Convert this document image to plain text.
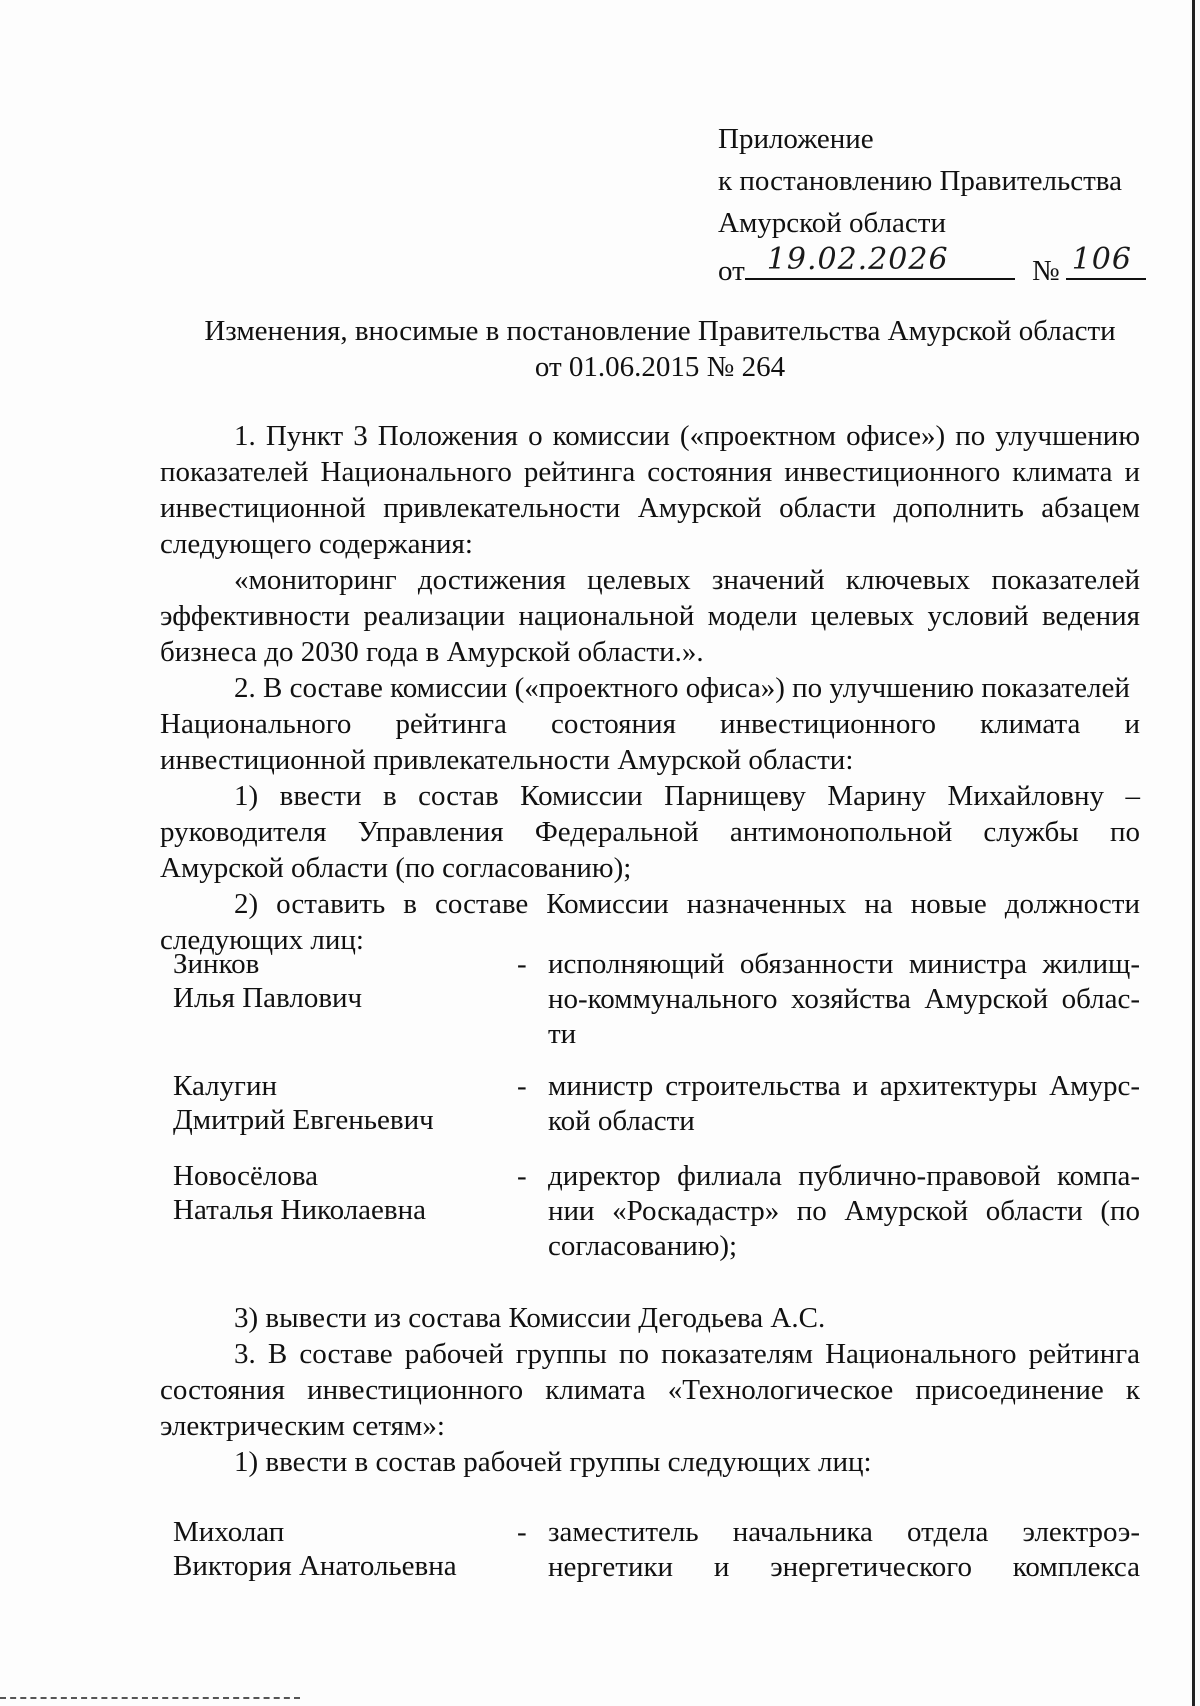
Приложение
к постановлению Правительства
Амурской области
от 19.02.2026	№ 106
Изменения, вносимые в постановление Правительства Амурской области
от 01.06.2015 № 264

1. Пункт 3 Положения о комиссии («проектном офисе») по улучшению показателей Национального рейтинга состояния инвестиционного климата и инвестиционной привлекательности Амурской области дополнить абзацем следующего содержания:

«мониторинг достижения целевых значений ключевых показателей эффективности реализации национальной модели целевых условий ведения бизнеса до 2030 года в Амурской области.».

2. В составе комиссии («проектного офиса») по улучшению показателей

Национального рейтинга состояния инвестиционного климата и

инвестиционной привлекательности Амурской области:

1) ввести в состав Комиссии Парнищеву Марину Михайловну – руководителя Управления Федеральной антимонопольной службы по Амурской области (по согласованию);

2) оставить в составе Комиссии назначенных на новые должности следующих лиц:

Зинков
Илья Павлович
- исполняющий обязанности министра жилищ-
но-коммунального хозяйства Амурской облас-
ти
Калугин
Дмитрий Евгеньевич
- министр строительства и архитектуры Амурс-
кой области
Новосёлова
Наталья Николаевна
- директор филиала публично-правовой компа-
нии «Роскадастр» по Амурской области (по
согласованию);

3) вывести из состава Комиссии Дегодьева А.С.

3. В составе рабочей группы по показателям Национального рейтинга состояния инвестиционного климата «Технологическое присоединение к электрическим сетям»:

1) ввести в состав рабочей группы следующих лиц:

Михолап
Виктория Анатольевна
- заместитель начальника отдела электроэ-
нергетики и энергетического комплекса
